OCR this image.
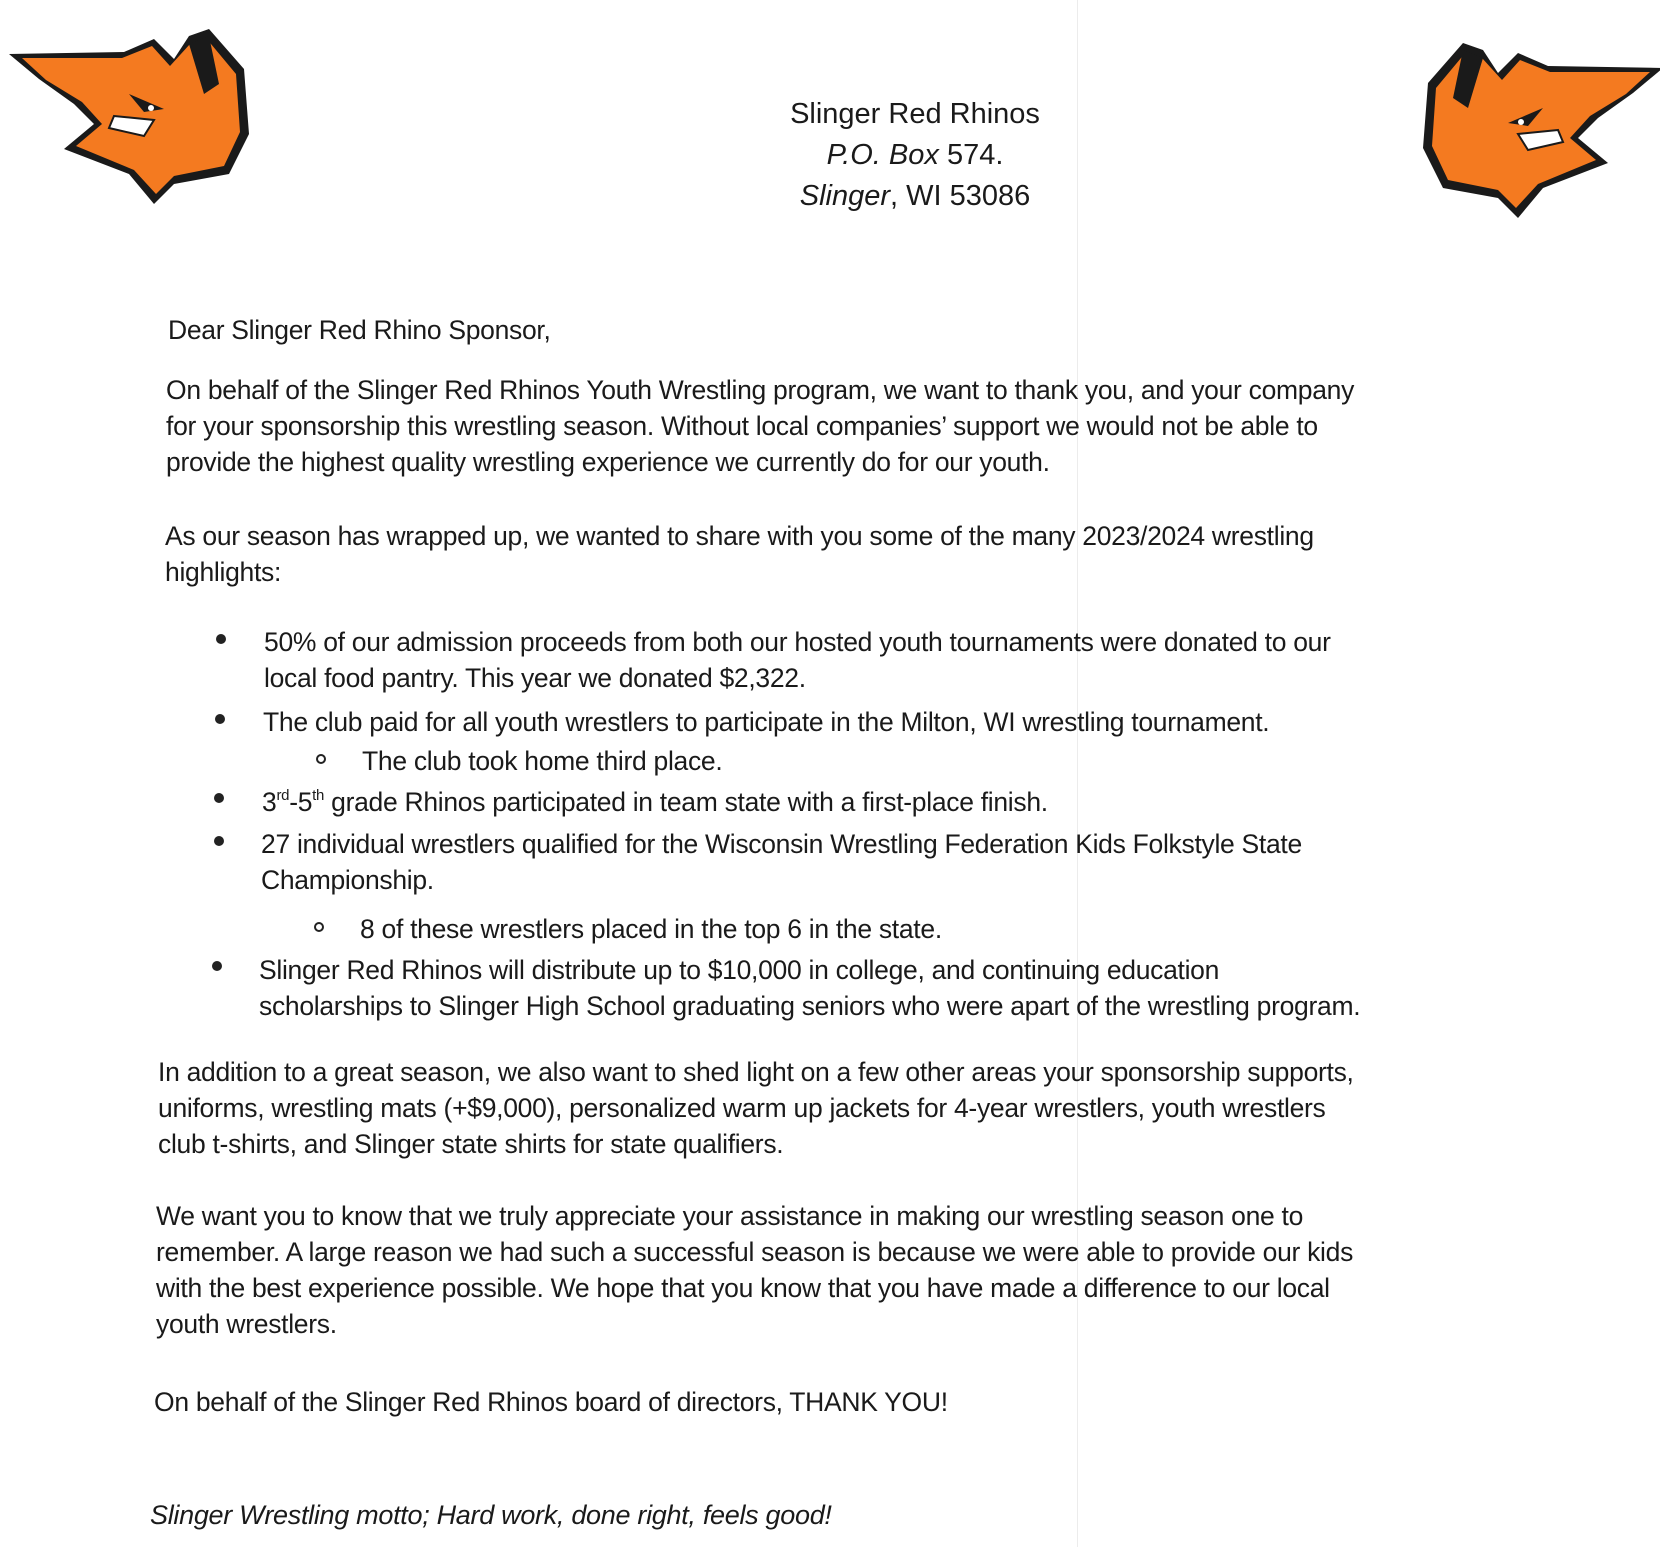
Slinger Red Rhinos
P.O. Box 574.
Slinger, WI 53086
Dear Slinger Red Rhino Sponsor,
On behalf of the Slinger Red Rhinos Youth Wrestling program, we want to thank you, and your company
for your sponsorship this wrestling season. Without local companies’ support we would not be able to
provide the highest quality wrestling experience we currently do for our youth.
As our season has wrapped up, we wanted to share with you some of the many 2023/2024 wrestling
highlights:
50% of our admission proceeds from both our hosted youth tournaments were donated to our
local food pantry. This year we donated $2,322.
The club paid for all youth wrestlers to participate in the Milton, WI wrestling tournament.
The club took home third place.
3rd-5th grade Rhinos participated in team state with a first-place finish.
27 individual wrestlers qualified for the Wisconsin Wrestling Federation Kids Folkstyle State
Championship.
8 of these wrestlers placed in the top 6 in the state.
Slinger Red Rhinos will distribute up to $10,000 in college, and continuing education
scholarships to Slinger High School graduating seniors who were apart of the wrestling program.
In addition to a great season, we also want to shed light on a few other areas your sponsorship supports,
uniforms, wrestling mats (+$9,000), personalized warm up jackets for 4-year wrestlers, youth wrestlers
club t-shirts, and Slinger state shirts for state qualifiers.
We want you to know that we truly appreciate your assistance in making our wrestling season one to
remember. A large reason we had such a successful season is because we were able to provide our kids
with the best experience possible. We hope that you know that you have made a difference to our local
youth wrestlers.
On behalf of the Slinger Red Rhinos board of directors, THANK YOU!
Slinger Wrestling motto; Hard work, done right, feels good!
